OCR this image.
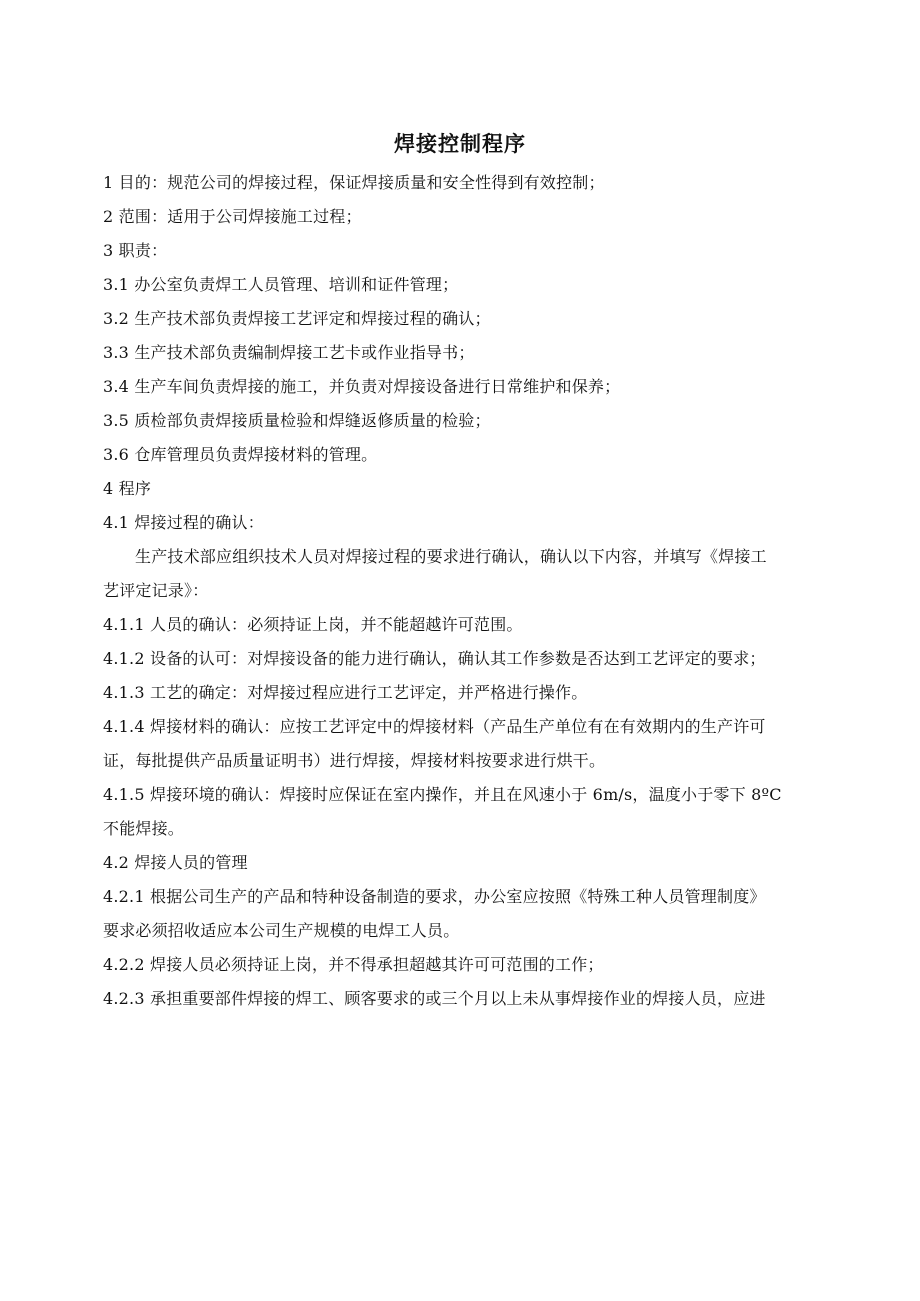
焊接控制程序
1 目的：规范公司的焊接过程，保证焊接质量和安全性得到有效控制；
2 范围：适用于公司焊接施工过程；
3 职责：
3.1 办公室负责焊工人员管理、培训和证件管理；
3.2 生产技术部负责焊接工艺评定和焊接过程的确认；
3.3 生产技术部负责编制焊接工艺卡或作业指导书；
3.4 生产车间负责焊接的施工，并负责对焊接设备进行日常维护和保养；
3.5 质检部负责焊接质量检验和焊缝返修质量的检验；
3.6 仓库管理员负责焊接材料的管理。
4 程序
4.1 焊接过程的确认：
生产技术部应组织技术人员对焊接过程的要求进行确认，确认以下内容，并填写《焊接工
艺评定记录》：
4.1.1 人员的确认：必须持证上岗，并不能超越许可范围。
4.1.2 设备的认可：对焊接设备的能力进行确认，确认其工作参数是否达到工艺评定的要求；
4.1.3 工艺的确定：对焊接过程应进行工艺评定，并严格进行操作。
4.1.4 焊接材料的确认：应按工艺评定中的焊接材料（产品生产单位有在有效期内的生产许可
证，每批提供产品质量证明书）进行焊接，焊接材料按要求进行烘干。
4.1.5 焊接环境的确认：焊接时应保证在室内操作，并且在风速小于 6m/s，温度小于零下 8ºC
不能焊接。
4.2 焊接人员的管理
4.2.1 根据公司生产的产品和特种设备制造的要求，办公室应按照《特殊工种人员管理制度》
要求必须招收适应本公司生产规模的电焊工人员。
4.2.2 焊接人员必须持证上岗，并不得承担超越其许可可范围的工作；
4.2.3 承担重要部件焊接的焊工、顾客要求的或三个月以上未从事焊接作业的焊接人员，应进
